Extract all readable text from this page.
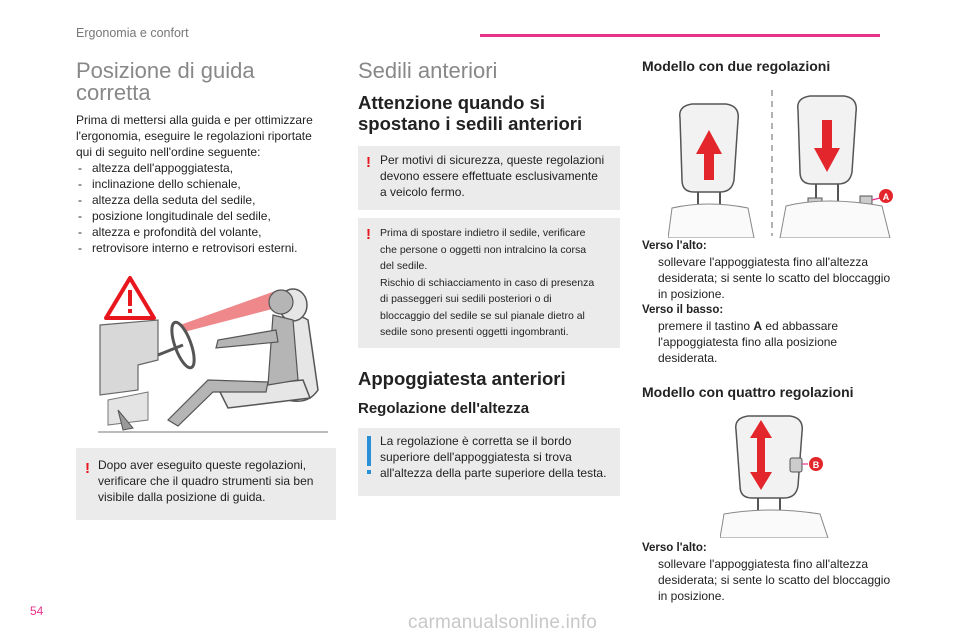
Ergonomia e confort
Posizione di guida
corretta
Prima di mettersi alla guida e per ottimizzare
l'ergonomia, eseguire le regolazioni riportate
qui di seguito nell'ordine seguente:
- altezza dell'appoggiatesta,
- inclinazione dello schienale,
- altezza della seduta del sedile,
- posizione longitudinale del sedile,
- altezza e profondità del volante,
- retrovisore interno e retrovisori esterni.
! Dopo aver eseguito queste regolazioni,
verificare che il quadro strumenti sia ben
visibile dalla posizione di guida.
Sedili anteriori
Attenzione quando si
spostano i sedili anteriori
! Per motivi di sicurezza, queste regolazioni
devono essere effettuate esclusivamente
a veicolo fermo.
! Prima di spostare indietro il sedile, verificare
che persone o oggetti non intralcino la corsa
del sedile.
Rischio di schiacciamento in caso di presenza
di passeggeri sui sedili posteriori o di
bloccaggio del sedile se sul pianale dietro al
sedile sono presenti oggetti ingombranti.
Appoggiatesta anteriori
Regolazione dell'altezza
La regolazione è corretta se il bordo
superiore dell'appoggiatesta si trova
all'altezza della parte superiore della testa.
Modello con due regolazioni
A
Verso l'alto:
sollevare l'appoggiatesta fino all'altezza
desiderata; si sente lo scatto del bloccaggio
in posizione.
Verso il basso:
premere il tastino A ed abbassare
l'appoggiatesta fino alla posizione
desiderata.
Modello con quattro regolazioni
B
Verso l'alto:
sollevare l'appoggiatesta fino all'altezza
desiderata; si sente lo scatto del bloccaggio
in posizione.
54
carmanualsonline.info
